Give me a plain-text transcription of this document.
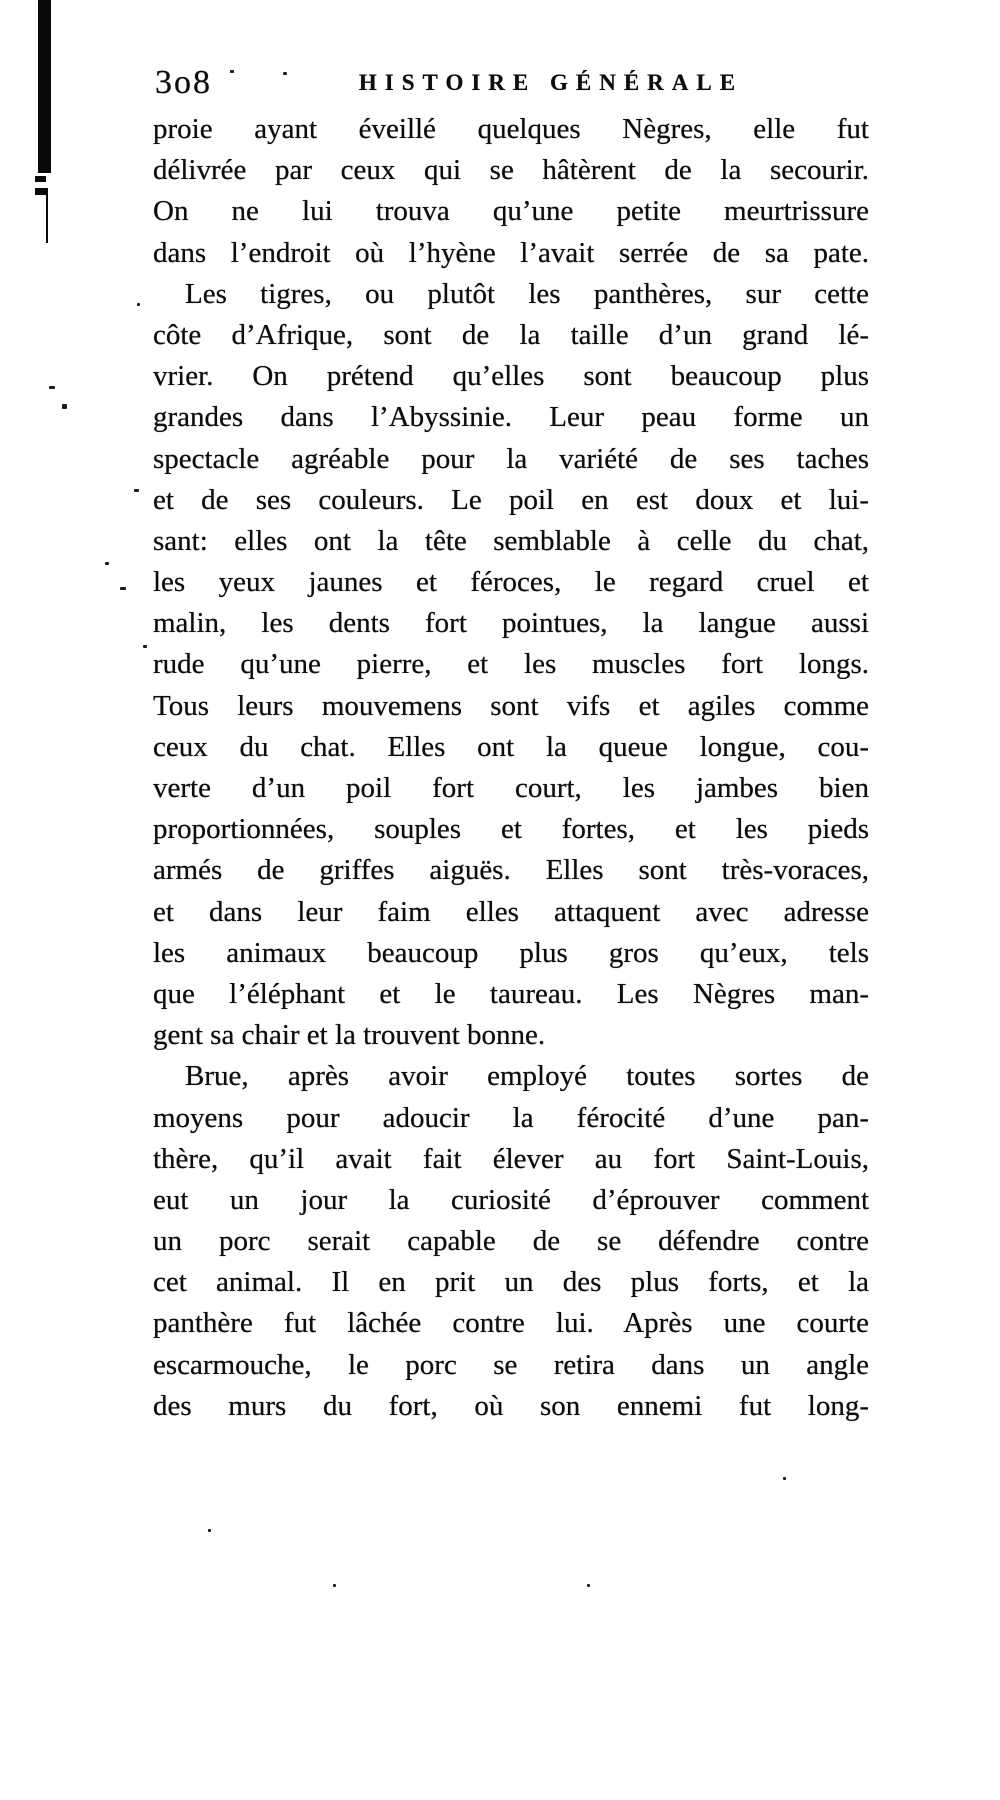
3o8	HISTOIRE GÉNÉRALE
proie ayant éveillé quelques Nègres, elle fut
délivrée par ceux qui se hâtèrent de la secourir.
On ne lui trouva qu’une petite meurtrissure
dans l’endroit où l’hyène l’avait serrée de sa pate.
Les tigres, ou plutôt les panthères, sur cette
côte d’Afrique, sont de la taille d’un grand lé-
vrier. On prétend qu’elles sont beaucoup plus
grandes dans l’Abyssinie. Leur peau forme un
spectacle agréable pour la variété de ses taches
et de ses couleurs. Le poil en est doux et lui-
sant: elles ont la tête semblable à celle du chat,
les yeux jaunes et féroces, le regard cruel et
malin, les dents fort pointues, la langue aussi
rude qu’une pierre, et les muscles fort longs.
Tous leurs mouvemens sont vifs et agiles comme
ceux du chat. Elles ont la queue longue, cou-
verte d’un poil fort court, les jambes bien
proportionnées, souples et fortes, et les pieds
armés de griffes aiguës. Elles sont très-voraces,
et dans leur faim elles attaquent avec adresse
les animaux beaucoup plus gros qu’eux, tels
que l’éléphant et le taureau. Les Nègres man-
gent sa chair et la trouvent bonne.
Brue, après avoir employé toutes sortes de
moyens pour adoucir la férocité d’une pan-
thère, qu’il avait fait élever au fort Saint-Louis,
eut un jour la curiosité d’éprouver comment
un porc serait capable de se défendre contre
cet animal. Il en prit un des plus forts, et la
panthère fut lâchée contre lui. Après une courte
escarmouche, le porc se retira dans un angle
des murs du fort, où son ennemi fut long-
